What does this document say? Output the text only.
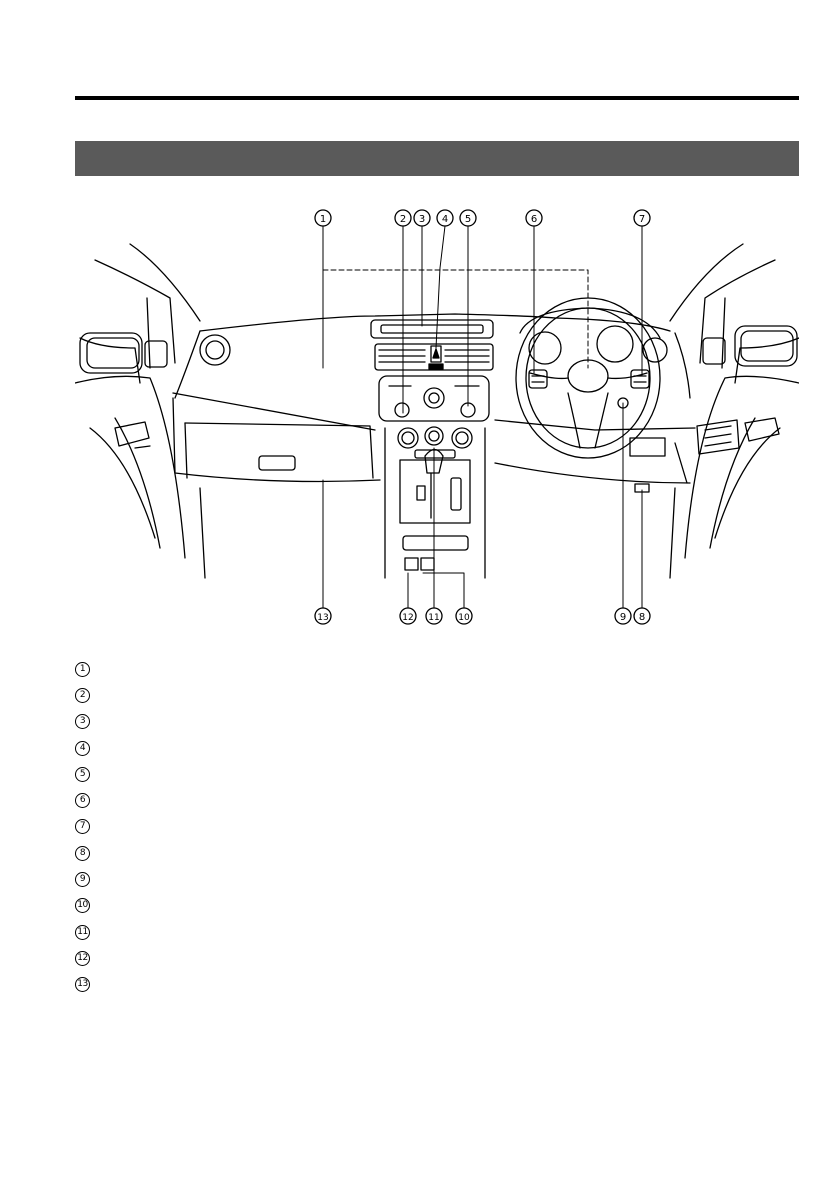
1	2 3 4 5	6	7
13	12 11 10	9 8
1
2
3
4
5
6
7
8
9
10
11
12
13
